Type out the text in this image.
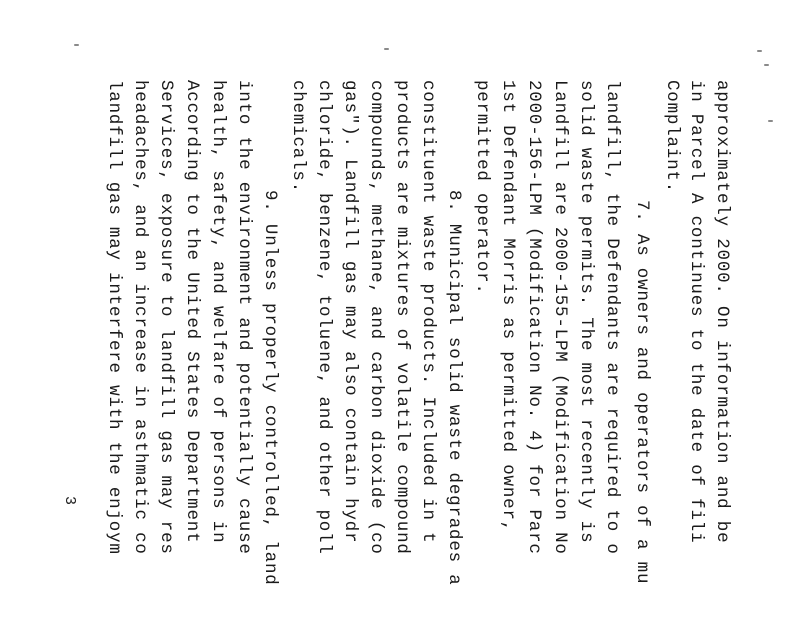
approximately 2000. On information and be
in Parcel A continues to the date of fili
Complaint.
7. As owners and operators of a mu
landfill, the Defendants are required to o
solid waste permits. The most recently is
Landfill are 2000-155-LPM (Modification No
2000-156-LPM (Modification No. 4) for Parc
1st Defendant Morris as permitted owner,
permitted operator.
8. Municipal solid waste degrades a
constituent waste products. Included in t
products are mixtures of volatile compound
compounds, methane, and carbon dioxide (co
gas"). Landfill gas may also contain hydr
chloride, benzene, toluene, and other poll
chemicals.
9. Unless properly controlled, land
into the environment and potentially cause
health, safety, and welfare of persons in
According to the United States Department
Services, exposure to landfill gas may res
headaches, and an increase in asthmatic co
landfill gas may interfere with the enjoym
3
